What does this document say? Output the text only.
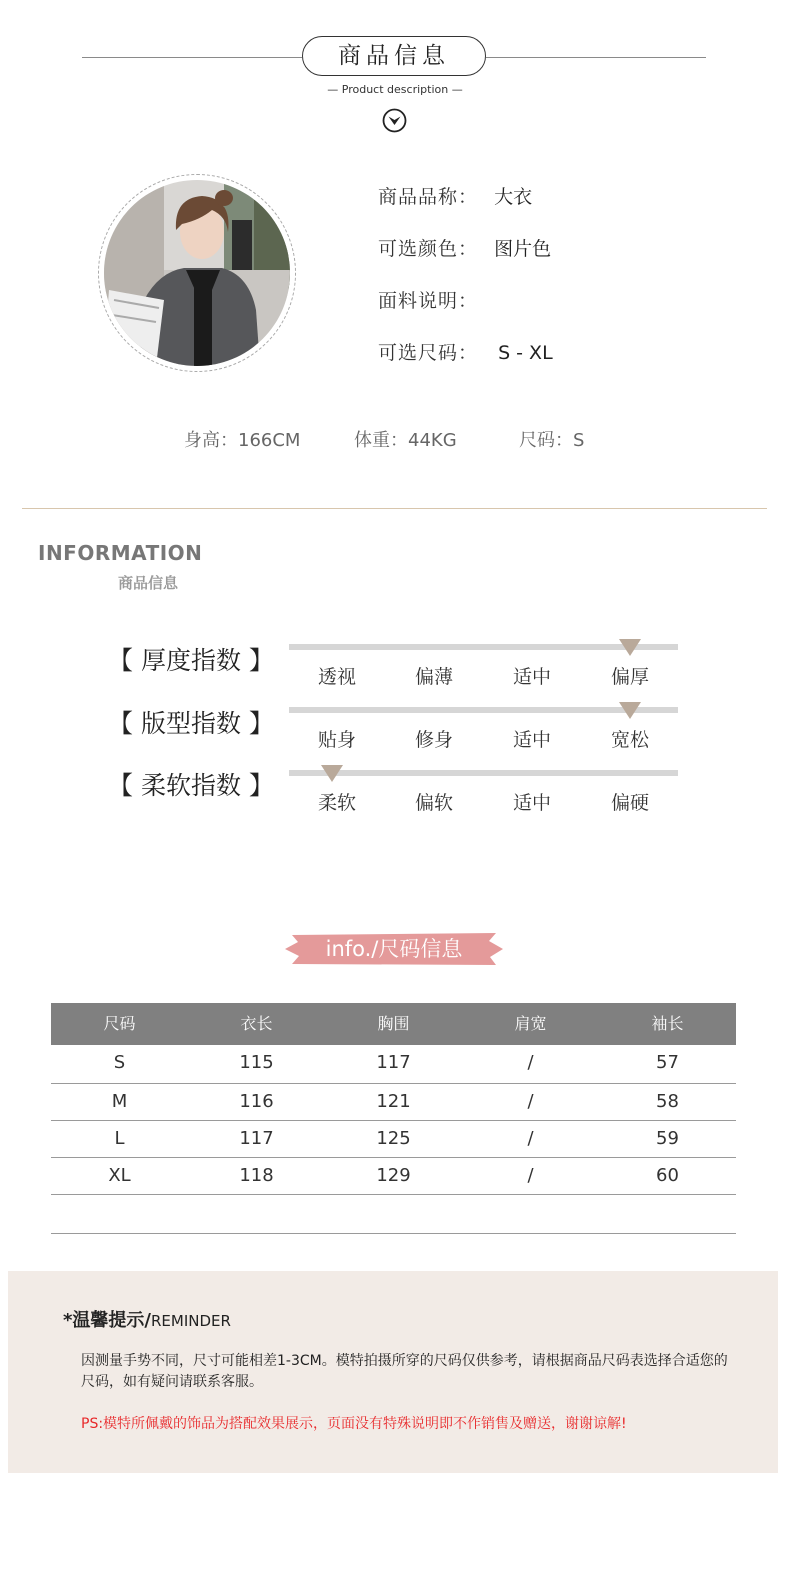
商品信息
— Product description —
商品品称： 大衣
可选颜色： 图片色
面料说明：
可选尺码： S - XL
身高：166CM	体重：44KG	尺码：S
INFORMATION
商品信息
【 厚度指数 】
透视	偏薄	适中	偏厚
【 版型指数 】
贴身	修身	适中	宽松
【 柔软指数 】
柔软	偏软	适中	偏硬
info./尺码信息
尺码	衣长	胸围	肩宽	袖长
S	115	117	/	57
M	116	121	/	58
L	117	125	/	59
XL	118	129	/	60
*温馨提示/REMINDER
因测量手势不同，尺寸可能相差1-3CM。模特拍摄所穿的尺码仅供参考，请根据商品尺码表选择合适您的尺码，如有疑问请联系客服。
PS:模特所佩戴的饰品为搭配效果展示，页面没有特殊说明即不作销售及赠送，谢谢谅解!
